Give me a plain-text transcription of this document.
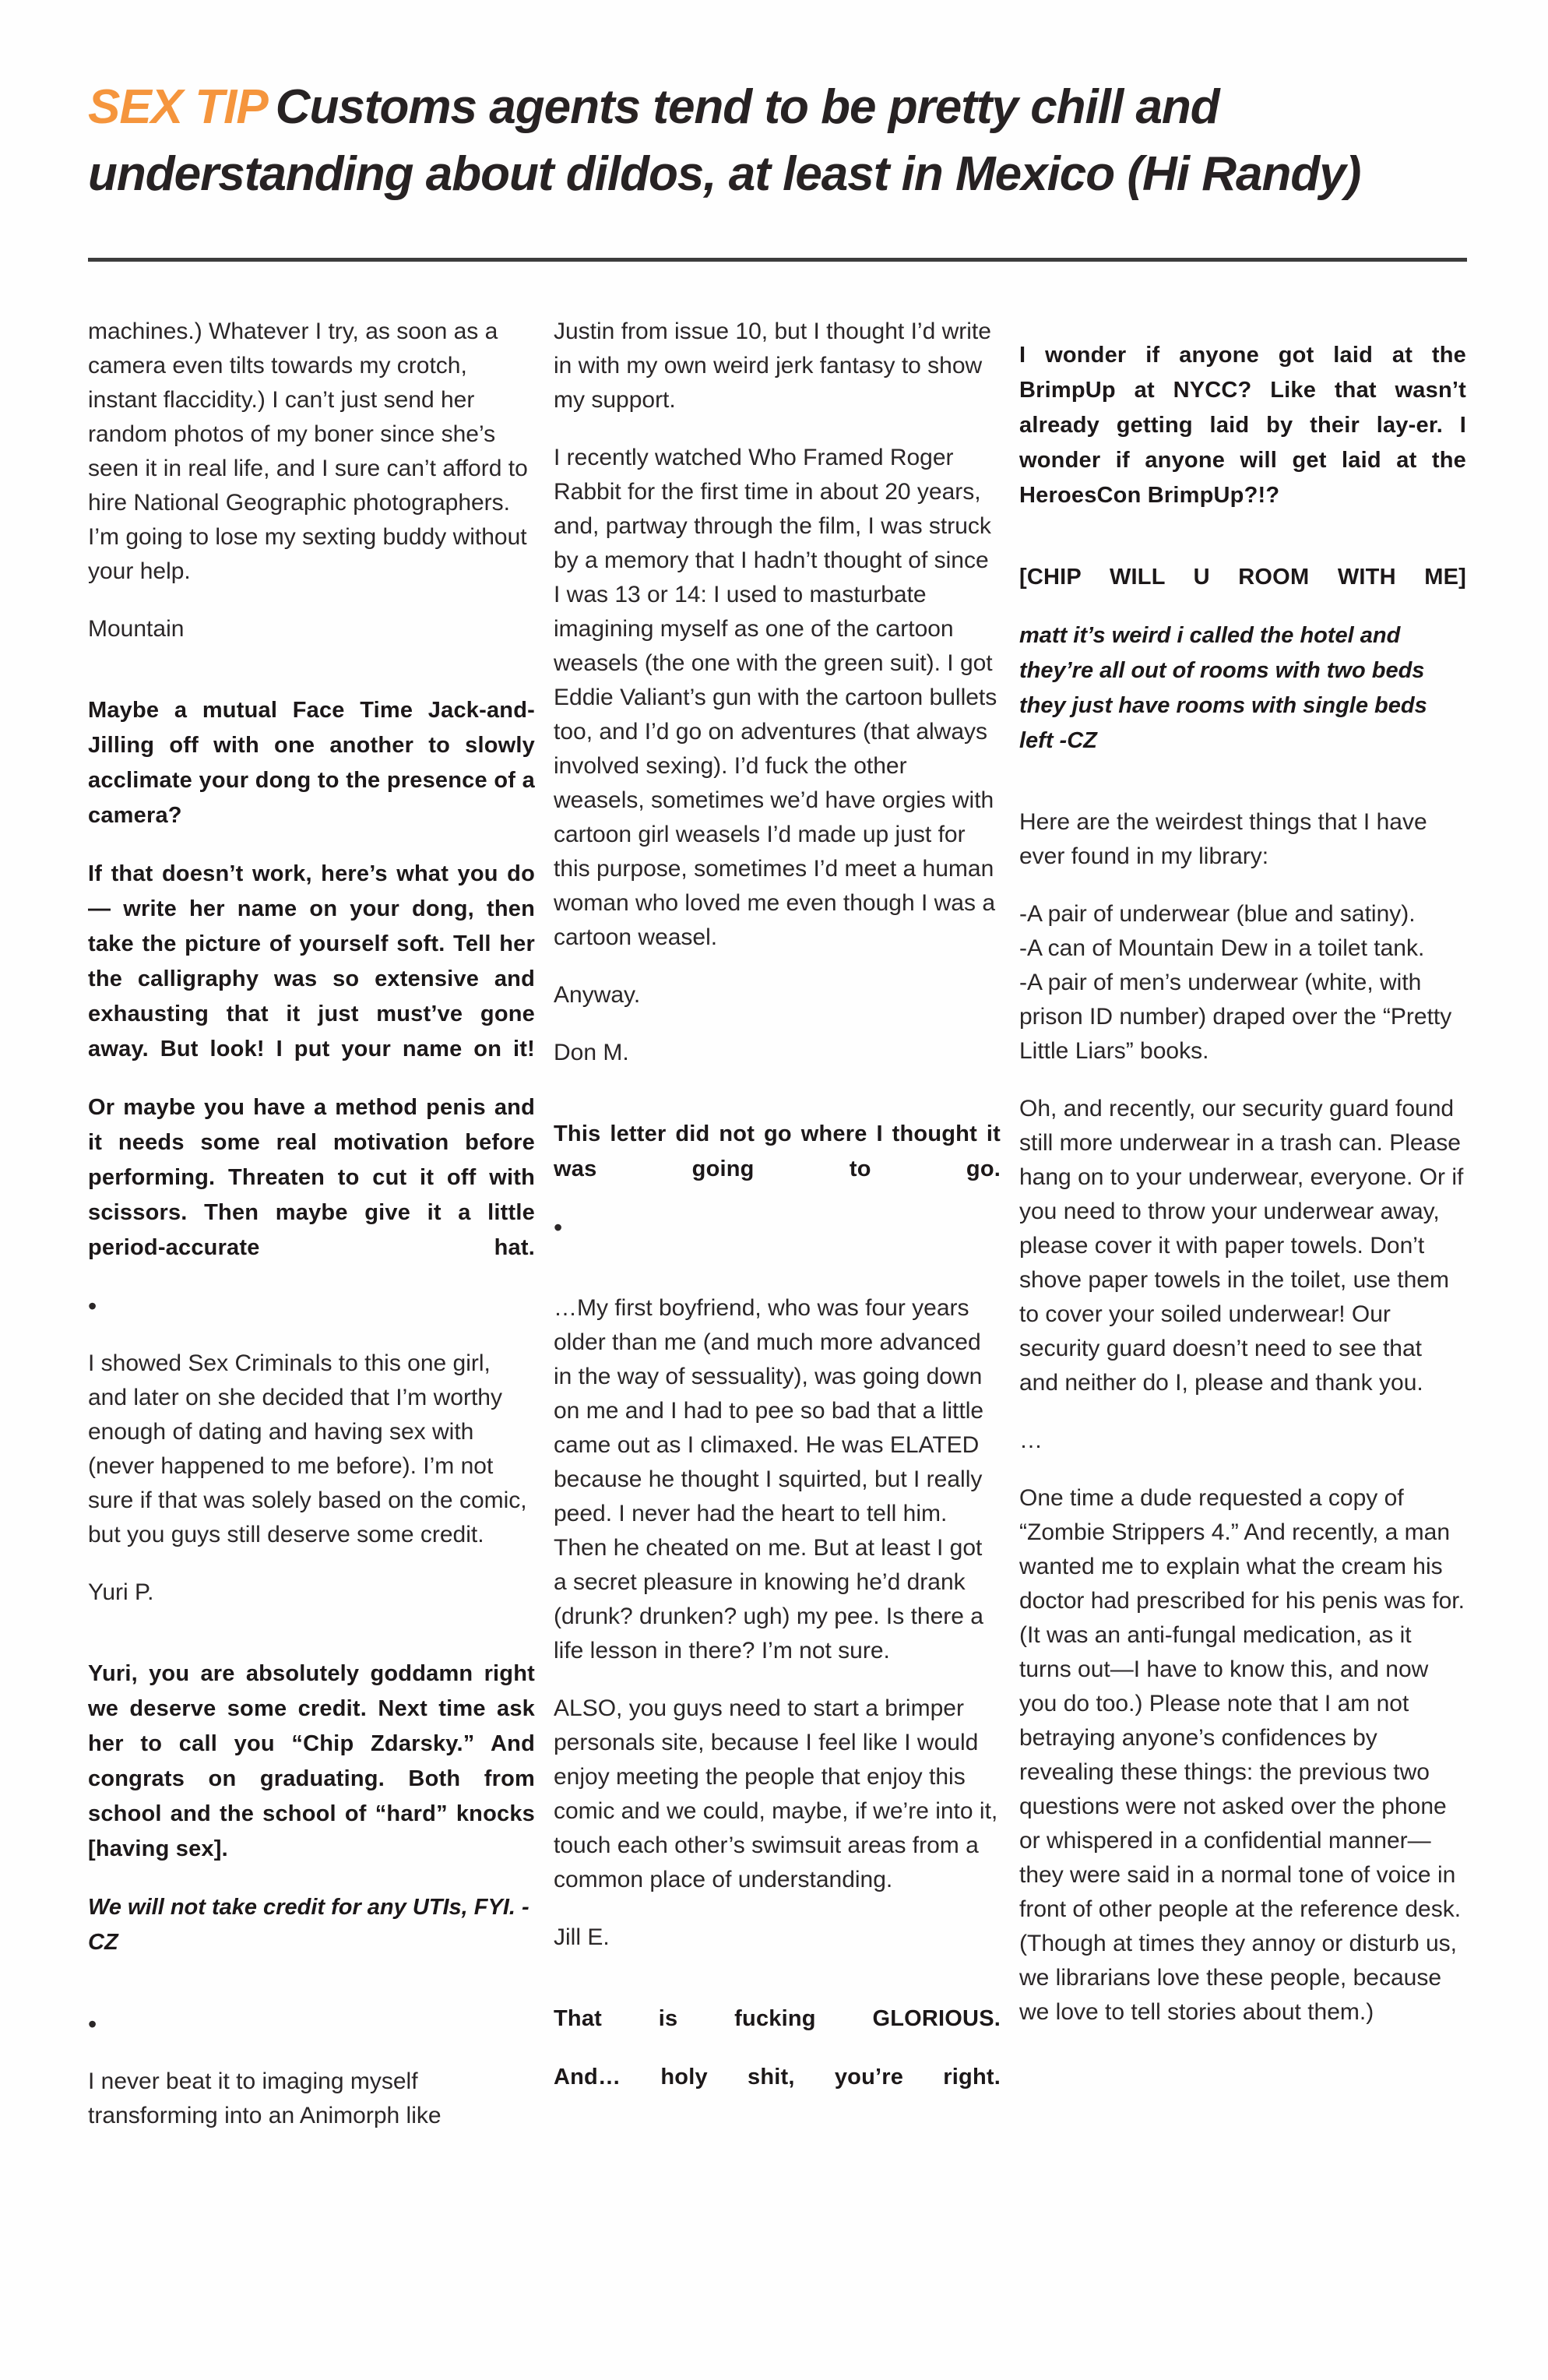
SEX TIP Customs agents tend to be pretty chill and understanding about dildos, at least in Mexico (Hi Randy)

machines.) Whatever I try, as soon as a camera even tilts towards my crotch, instant flaccidity.) I can’t just send her random photos of my boner since she’s seen it in real life, and I sure can’t afford to hire National Geographic photographers. I’m going to lose my sexting buddy without your help.

Mountain

Maybe a mutual Face Time Jack-and-Jilling off with one another to slowly acclimate your dong to the presence of a camera?

If that doesn’t work, here’s what you do — write her name on your dong, then take the picture of yourself soft. Tell her the calligraphy was so extensive and exhausting that it just must’ve gone away. But look! I put your name on it!

Or maybe you have a method penis and it needs some real motivation before performing. Threaten to cut it off with scissors. Then maybe give it a little period-accurate hat.

•

I showed Sex Criminals to this one girl, and later on she decided that I’m worthy enough of dating and having sex with (never happened to me before). I’m not sure if that was solely based on the comic, but you guys still deserve some credit.

Yuri P.

Yuri, you are absolutely goddamn right we deserve some credit. Next time ask her to call you “Chip Zdarsky.” And congrats on graduating. Both from school and the school of “hard” knocks [having sex].

We will not take credit for any UTIs, FYI. -CZ

•

I never beat it to imaging myself transforming into an Animorph like

Justin from issue 10, but I thought I’d write in with my own weird jerk fantasy to show my support.

I recently watched Who Framed Roger Rabbit for the first time in about 20 years, and, partway through the film, I was struck by a memory that I hadn’t thought of since I was 13 or 14: I used to masturbate imagining myself as one of the cartoon weasels (the one with the green suit). I got Eddie Valiant’s gun with the cartoon bullets too, and I’d go on adventures (that always involved sexing). I’d fuck the other weasels, sometimes we’d have orgies with cartoon girl weasels I’d made up just for this purpose, sometimes I’d meet a human woman who loved me even though I was a cartoon weasel.

Anyway.

Don M.

This letter did not go where I thought it was going to go.

•

…My first boyfriend, who was four years older than me (and much more advanced in the way of sessuality), was going down on me and I had to pee so bad that a little came out as I climaxed. He was ELATED because he thought I squirted, but I really peed. I never had the heart to tell him. Then he cheated on me. But at least I got a secret pleasure in knowing he’d drank (drunk? drunken? ugh) my pee. Is there a life lesson in there? I’m not sure.

ALSO, you guys need to start a brimper personals site, because I feel like I would enjoy meeting the people that enjoy this comic and we could, maybe, if we’re into it, touch each other’s swimsuit areas from a common place of understanding.

Jill E.

That is fucking GLORIOUS.

And… holy shit, you’re right.

I wonder if anyone got laid at the BrimpUp at NYCC? Like that wasn’t already getting laid by their lay-er. I wonder if anyone will get laid at the HeroesCon BrimpUp?!?

[CHIP WILL U ROOM WITH ME]

matt it’s weird i called the hotel and they’re all out of rooms with two beds they just have rooms with single beds left -CZ

Here are the weirdest things that I have ever found in my library:

-A pair of underwear (blue and satiny).

-A can of Mountain Dew in a toilet tank.

-A pair of men’s underwear (white, with prison ID number) draped over the “Pretty Little Liars” books.

Oh, and recently, our security guard found still more underwear in a trash can. Please hang on to your underwear, everyone. Or if you need to throw your underwear away, please cover it with paper towels. Don’t shove paper towels in the toilet, use them to cover your soiled underwear! Our security guard doesn’t need to see that and neither do I, please and thank you.

…

One time a dude requested a copy of “Zombie Strippers 4.” And recently, a man wanted me to explain what the cream his doctor had prescribed for his penis was for. (It was an anti-fungal medication, as it turns out—I have to know this, and now you do too.) Please note that I am not betraying anyone’s confidences by revealing these things: the previous two questions were not asked over the phone or whispered in a confidential manner—they were said in a normal tone of voice in front of other people at the reference desk. (Though at times they annoy or disturb us, we librarians love these people, because we love to tell stories about them.)
